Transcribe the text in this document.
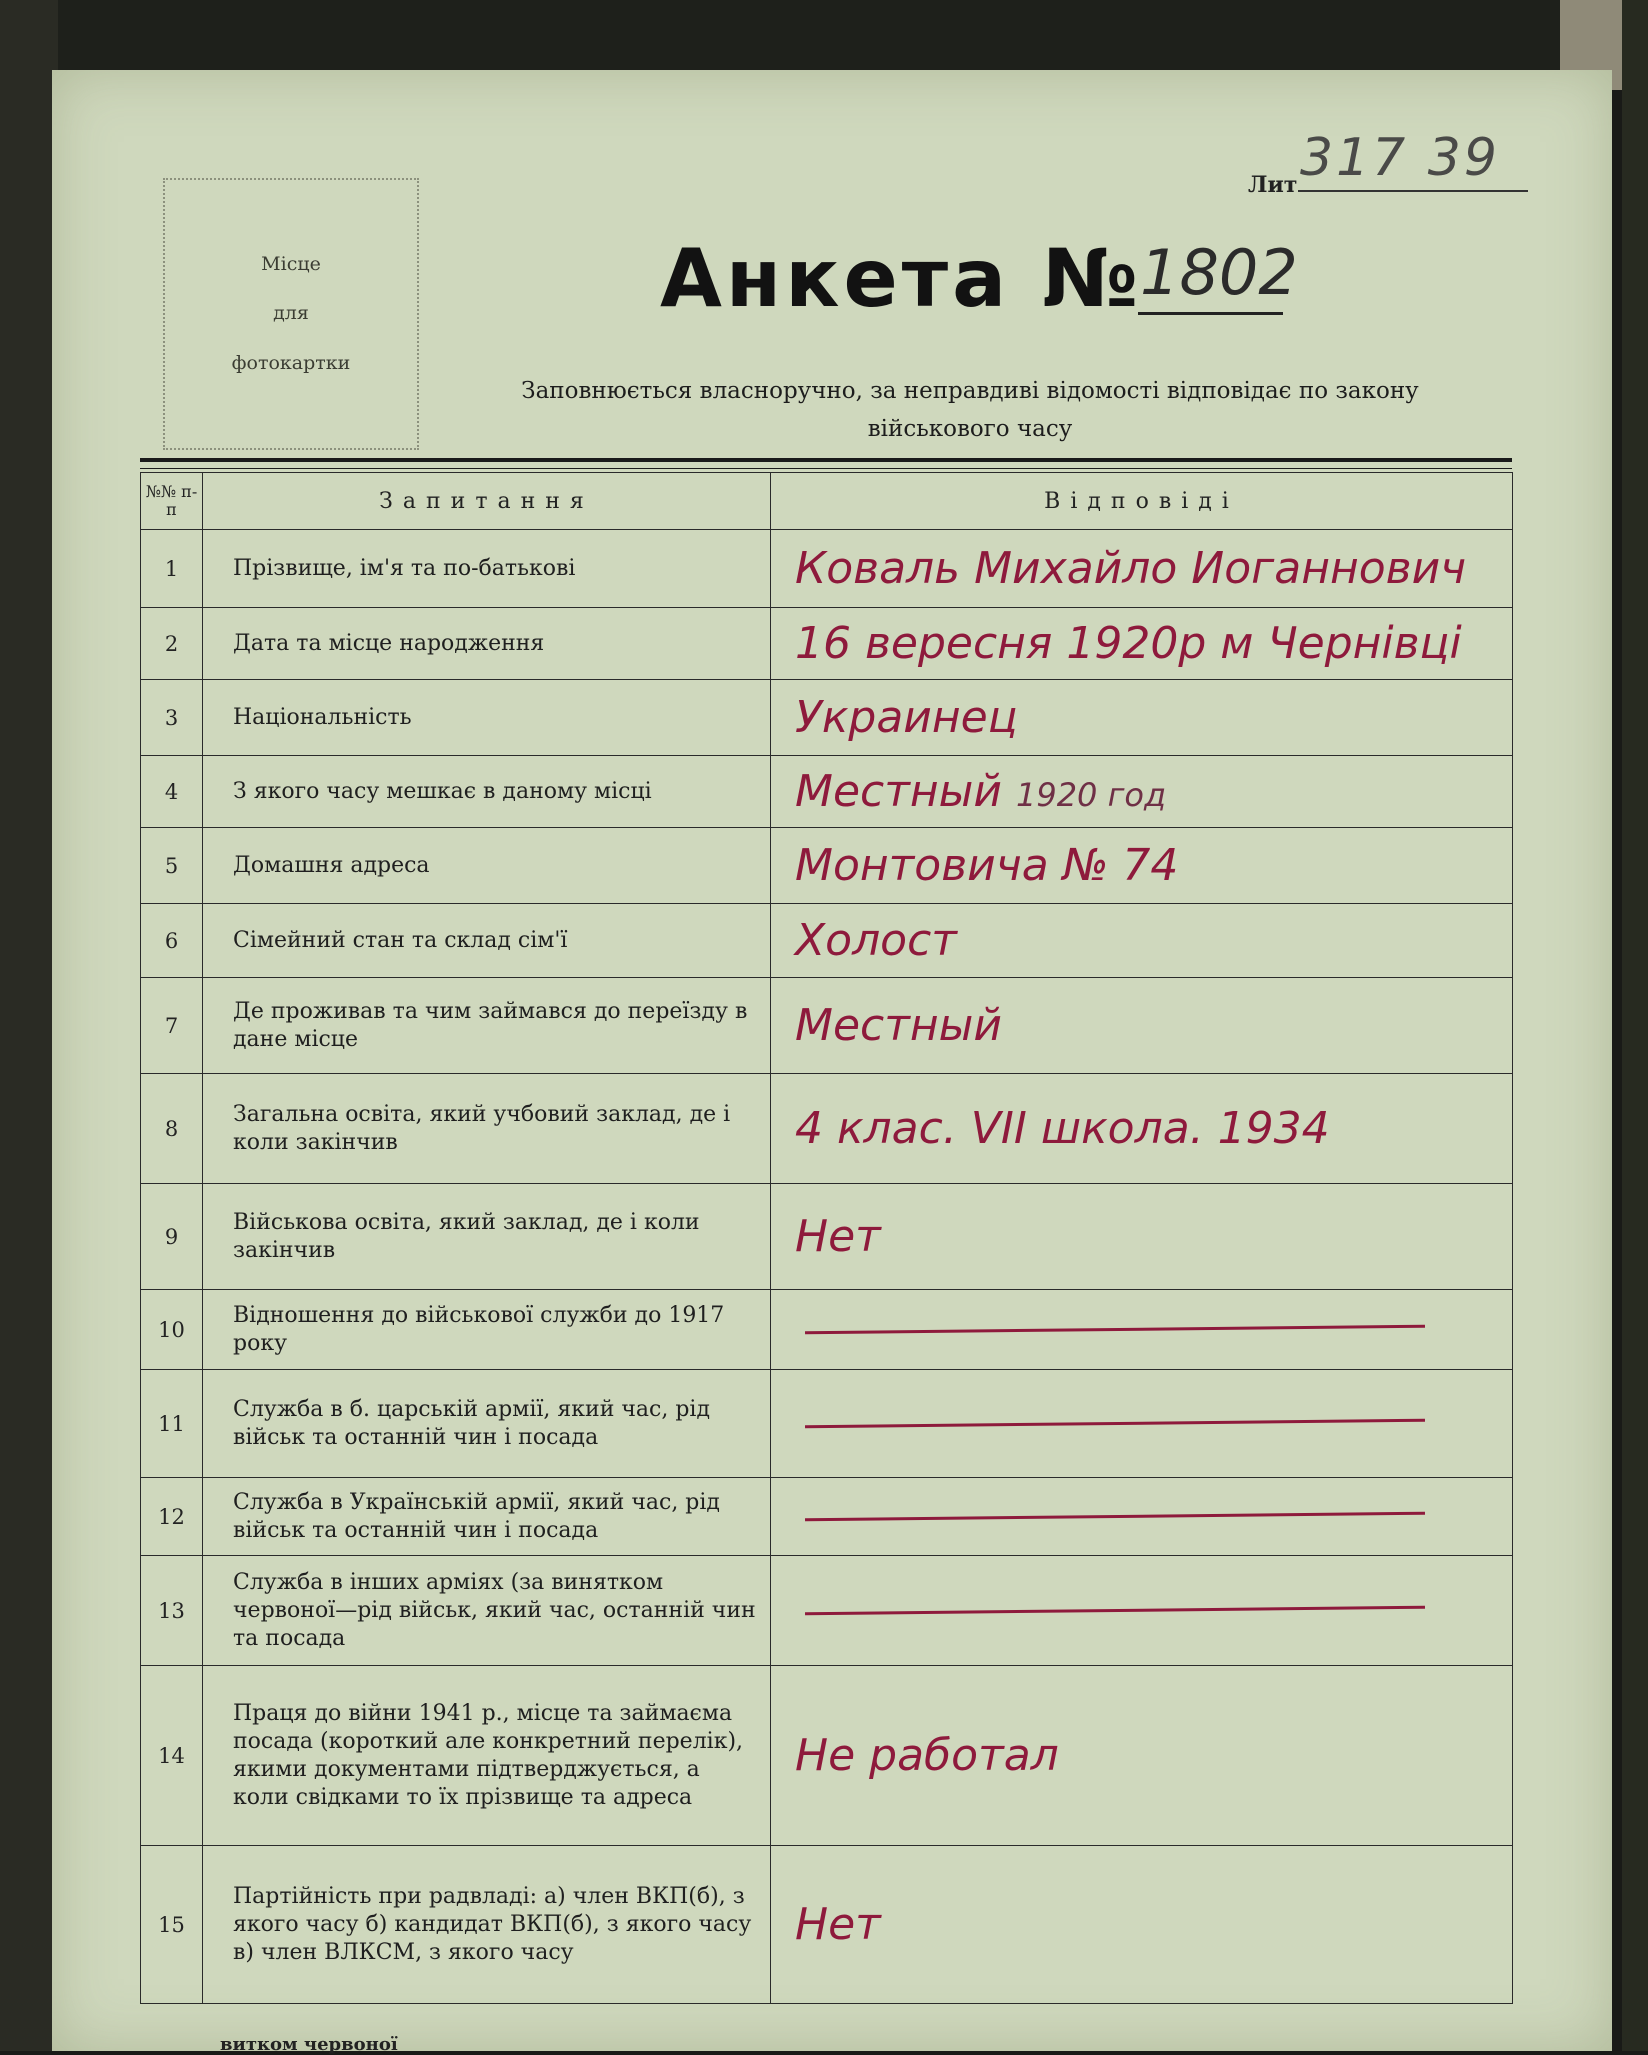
Місце
для
фотокартки
Лит 317 39
Анкета №
1802
Заповнюється власноручно, за неправдиві відомості відповідає по закону
військового часу
№№ п-п	Запитання	Відповіді
1	Прізвище, ім'я та по-батькові	Коваль Михайло Иоганнович
2	Дата та місце народження	16 вересня 1920р м Чернівці
3	Національність	Украинец
4	З якого часу мешкає в даному місці	Местный 1920 год
5	Домашня адреса	Монтовича № 74
6	Сімейний стан та склад сім'ї	Холост
7	Де проживав та чим займався до переїзду в дане місце	Местный
8	Загальна освіта, який учбовий заклад, де і коли закінчив	4 клас. VII школа. 1934
9	Військова освіта, який заклад, де і коли закінчив	Нет
10	Відношення до військової служби до 1917 року	

11	Служба в б. царській армії, який час, рід військ та останній чин і посада	

12	Служба в Українській армії, який час, рід військ та останній чин і посада	

13	Служба в інших арміях (за винятком червоної—рід військ, який час, останній чин та посада	

14	Праця до війни 1941 р., місце та займаєма посада (короткий але конкретний перелік), якими документами підтверджується, а коли свідками то їх прізвище та адреса	Не работал
15	Партійність при радвладі: а) член ВКП(б), з якого часу б) кандидат ВКП(б), з якого часу в) член ВЛКСМ, з якого часу	Нет
витком червоної
